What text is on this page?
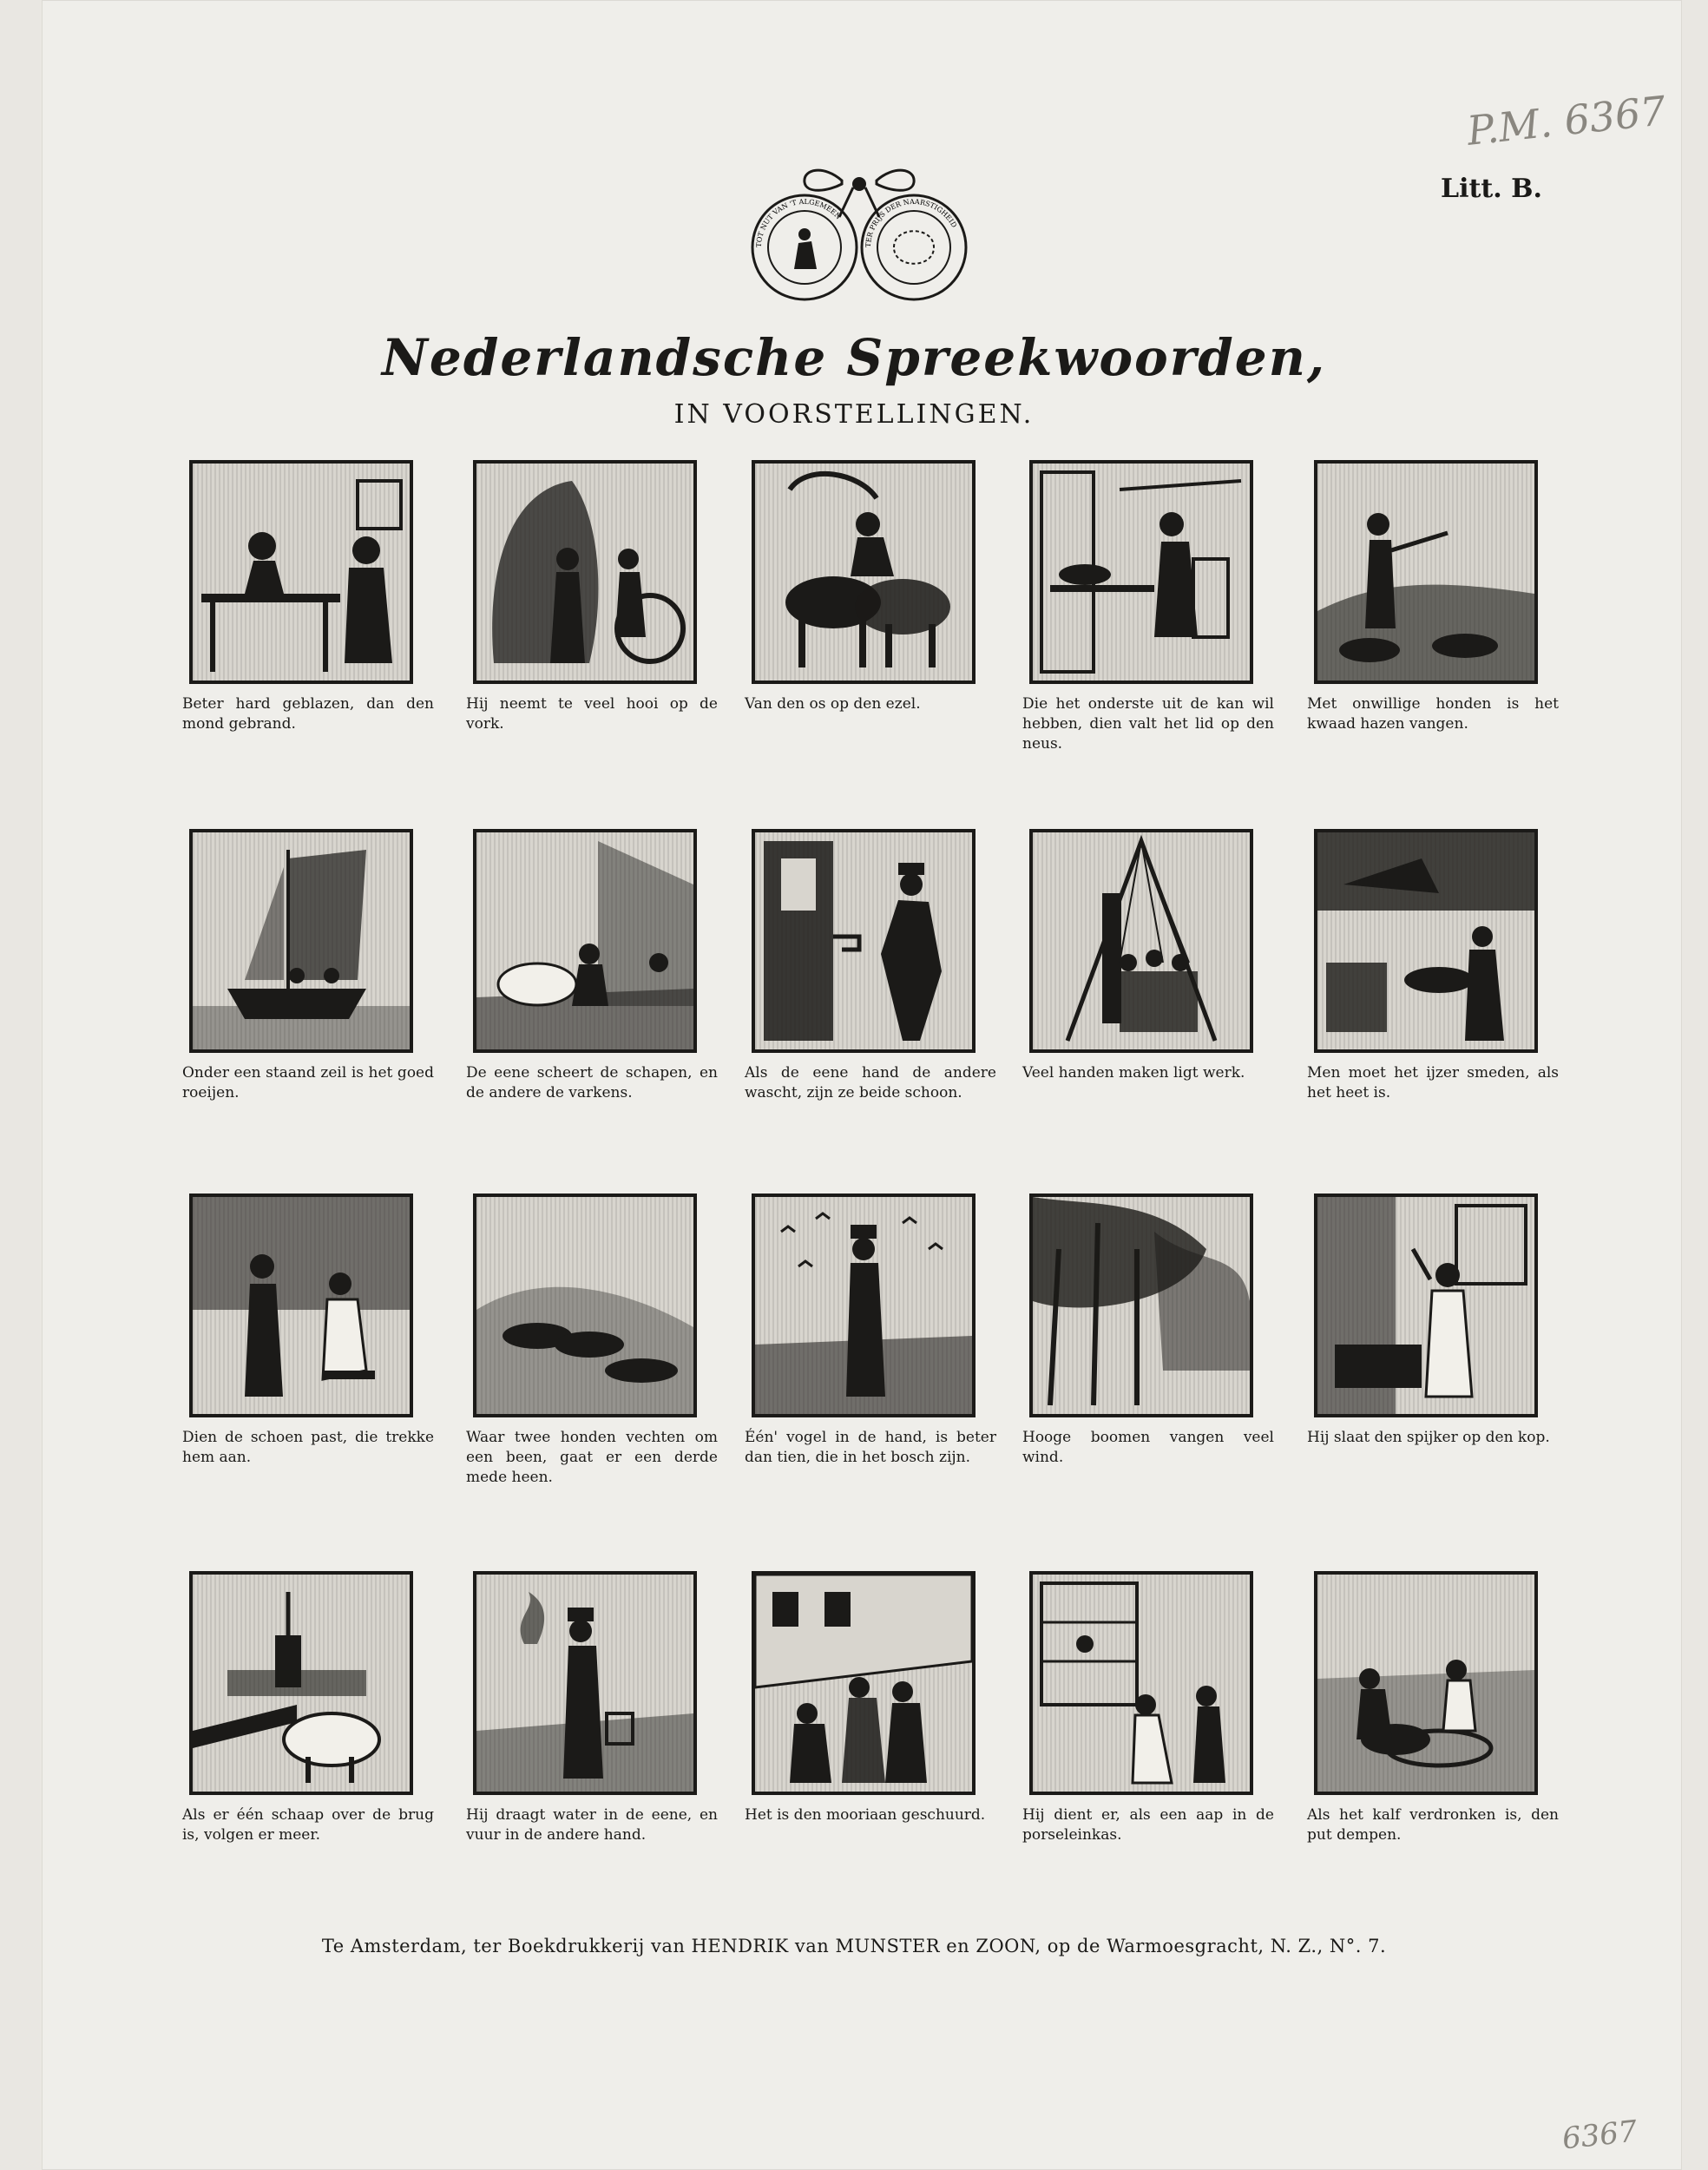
P.M. 6367
6367
Litt. B.
TOT NUT VAN 'T ALGEMEEN
TER PRIJS DER NAARSTIGHEID
Nederlandsche Spreekwoorden,
IN VOORSTELLINGEN.
Beter hard geblazen, dan den mond gebrand.
Hij neemt te veel hooi op de vork.
Van den os op den ezel.	Die het onderste uit de kan wil hebben, dien valt het lid op den neus.
Met onwillige honden is het kwaad hazen vangen.
Onder een staand zeil is het goed roeijen.
De eene scheert de schapen, en de andere de varkens.
Als de eene hand de andere wascht, zijn ze beide schoon.
Veel handen maken ligt werk.	Men moet het ijzer smeden, als het heet is.
Dien de schoen past, die trekke hem aan.
Waar twee honden vechten om een been, gaat er een derde mede heen.
Één' vogel in de hand, is beter dan tien, die in het bosch zijn.
Hooge boomen vangen veel wind.
Hij slaat den spijker op den kop.
Als er één schaap over de brug is, volgen er meer.
Hij draagt water in de eene, en vuur in de andere hand.
Het is den mooriaan geschuurd.	Hij dient er, als een aap in de porseleinkas.
Als het kalf verdronken is, den put dempen.
Te Amsterdam, ter Boekdrukkerij van HENDRIK van MUNSTER en ZOON, op de Warmoesgracht, N. Z., N°. 7.
